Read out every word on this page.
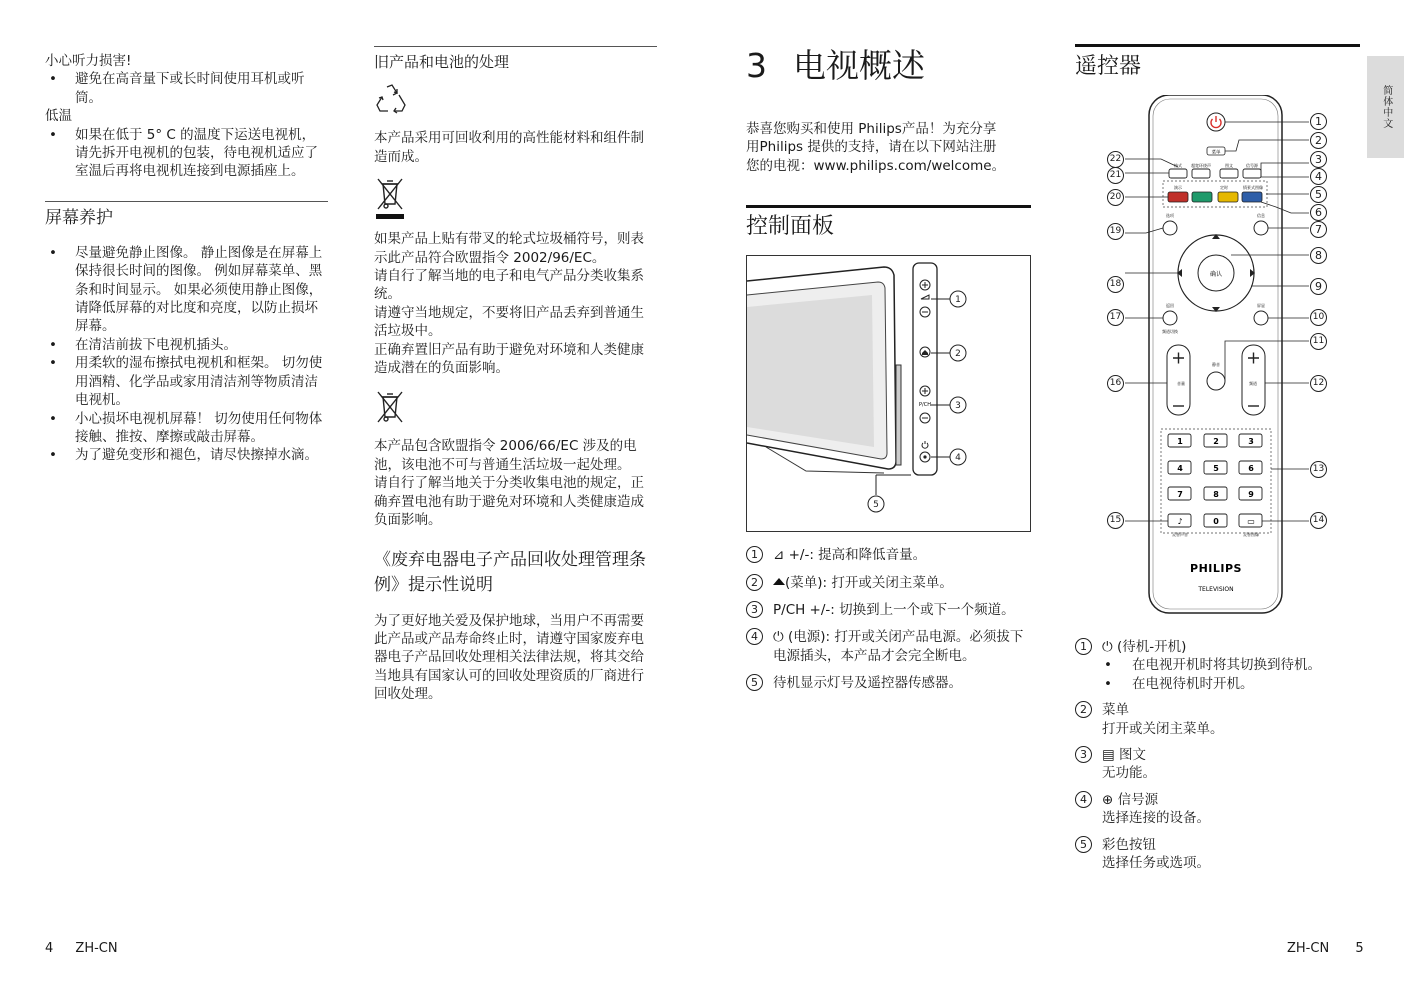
小心听力损害!

• 避免在高音量下或长时间使用耳机或听筒。

低温

• 如果在低于 5° C 的温度下运送电视机，请先拆开电视机的包装，待电视机适应了室温后再将电视机连接到电源插座上。

屏幕养护

• 尽量避免静止图像。 静止图像是在屏幕上保持很长时间的图像。 例如屏幕菜单、黑条和时间显示。 如果必须使用静止图像，请降低屏幕的对比度和亮度，以防止损坏屏幕。

• 在清洁前拔下电视机插头。

• 用柔软的湿布擦拭电视机和框架。 切勿使用酒精、化学品或家用清洁剂等物质清洁电视机。

• 小心损坏电视机屏幕！ 切勿使用任何物体接触、推按、摩擦或敲击屏幕。

• 为了避免变形和褪色，请尽快擦掉水滴。

旧产品和电池的处理

本产品采用可回收利用的高性能材料和组件制造而成。

如果产品上贴有带叉的轮式垃圾桶符号，则表示此产品符合欧盟指令 2002/96/EC。
请自行了解当地的电子和电气产品分类收集系统。
请遵守当地规定，不要将旧产品丢弃到普通生活垃圾中。
正确弃置旧产品有助于避免对环境和人类健康造成潜在的负面影响。

本产品包含欧盟指令 2006/66/EC 涉及的电池，该电池不可与普通生活垃圾一起处理。
请自行了解当地关于分类收集电池的规定，正确弃置电池有助于避免对环境和人类健康造成负面影响。

《废弃电器电子产品回收处理管理条例》提示性说明

为了更好地关爱及保护地球，当用户不再需要此产品或产品寿命终止时，请遵守国家废弃电器电子产品回收处理相关法律法规，将其交给当地具有国家认可的回收处理资质的厂商进行回收处理。

4 ZH-CN
3 电视概述

恭喜您购买和使用 Philips产品！为充分享用Philips 提供的支持，请在以下网站注册您的电视：www.philips.com/welcome。

控制面板
P/CH
1
2
3
4
5
1	⊿ +/-: 提高和降低音量。
2	(菜单): 打开或关闭主菜单。
3	P/CH +/-: 切换到上一个或下一个频道。
4	⏻ (电源): 打开或关闭产品电源。必须拔下电源插头，本产品才会完全断电。
5	待机显示灯号及遥控器传感器。
遥控器
简体中文
菜单
格式 超宽环绕声	图文	信号源
演示	定时	情景式图像
选项	信息
确认
返回	屏显
频道切换
音量	频道
静音
1	2	3
4	5	6
7	8	9
♪	0	▭
灵智声音	灵智图像
PHILIPS
TELEVISION
1
2
3
4
5
6
7
8
9
10
11
12
13
14
15
16
17
18
19
20
21
22
1	⏻ (待机-开机)
• 在电视开机时将其切换到待机。
• 在电视待机时开机。
2	菜单
打开或关闭主菜单。
3	▤ 图文
无功能。
4	⊕ 信号源
选择连接的设备。
5	彩色按钮
选择任务或选项。
ZH-CN 5
